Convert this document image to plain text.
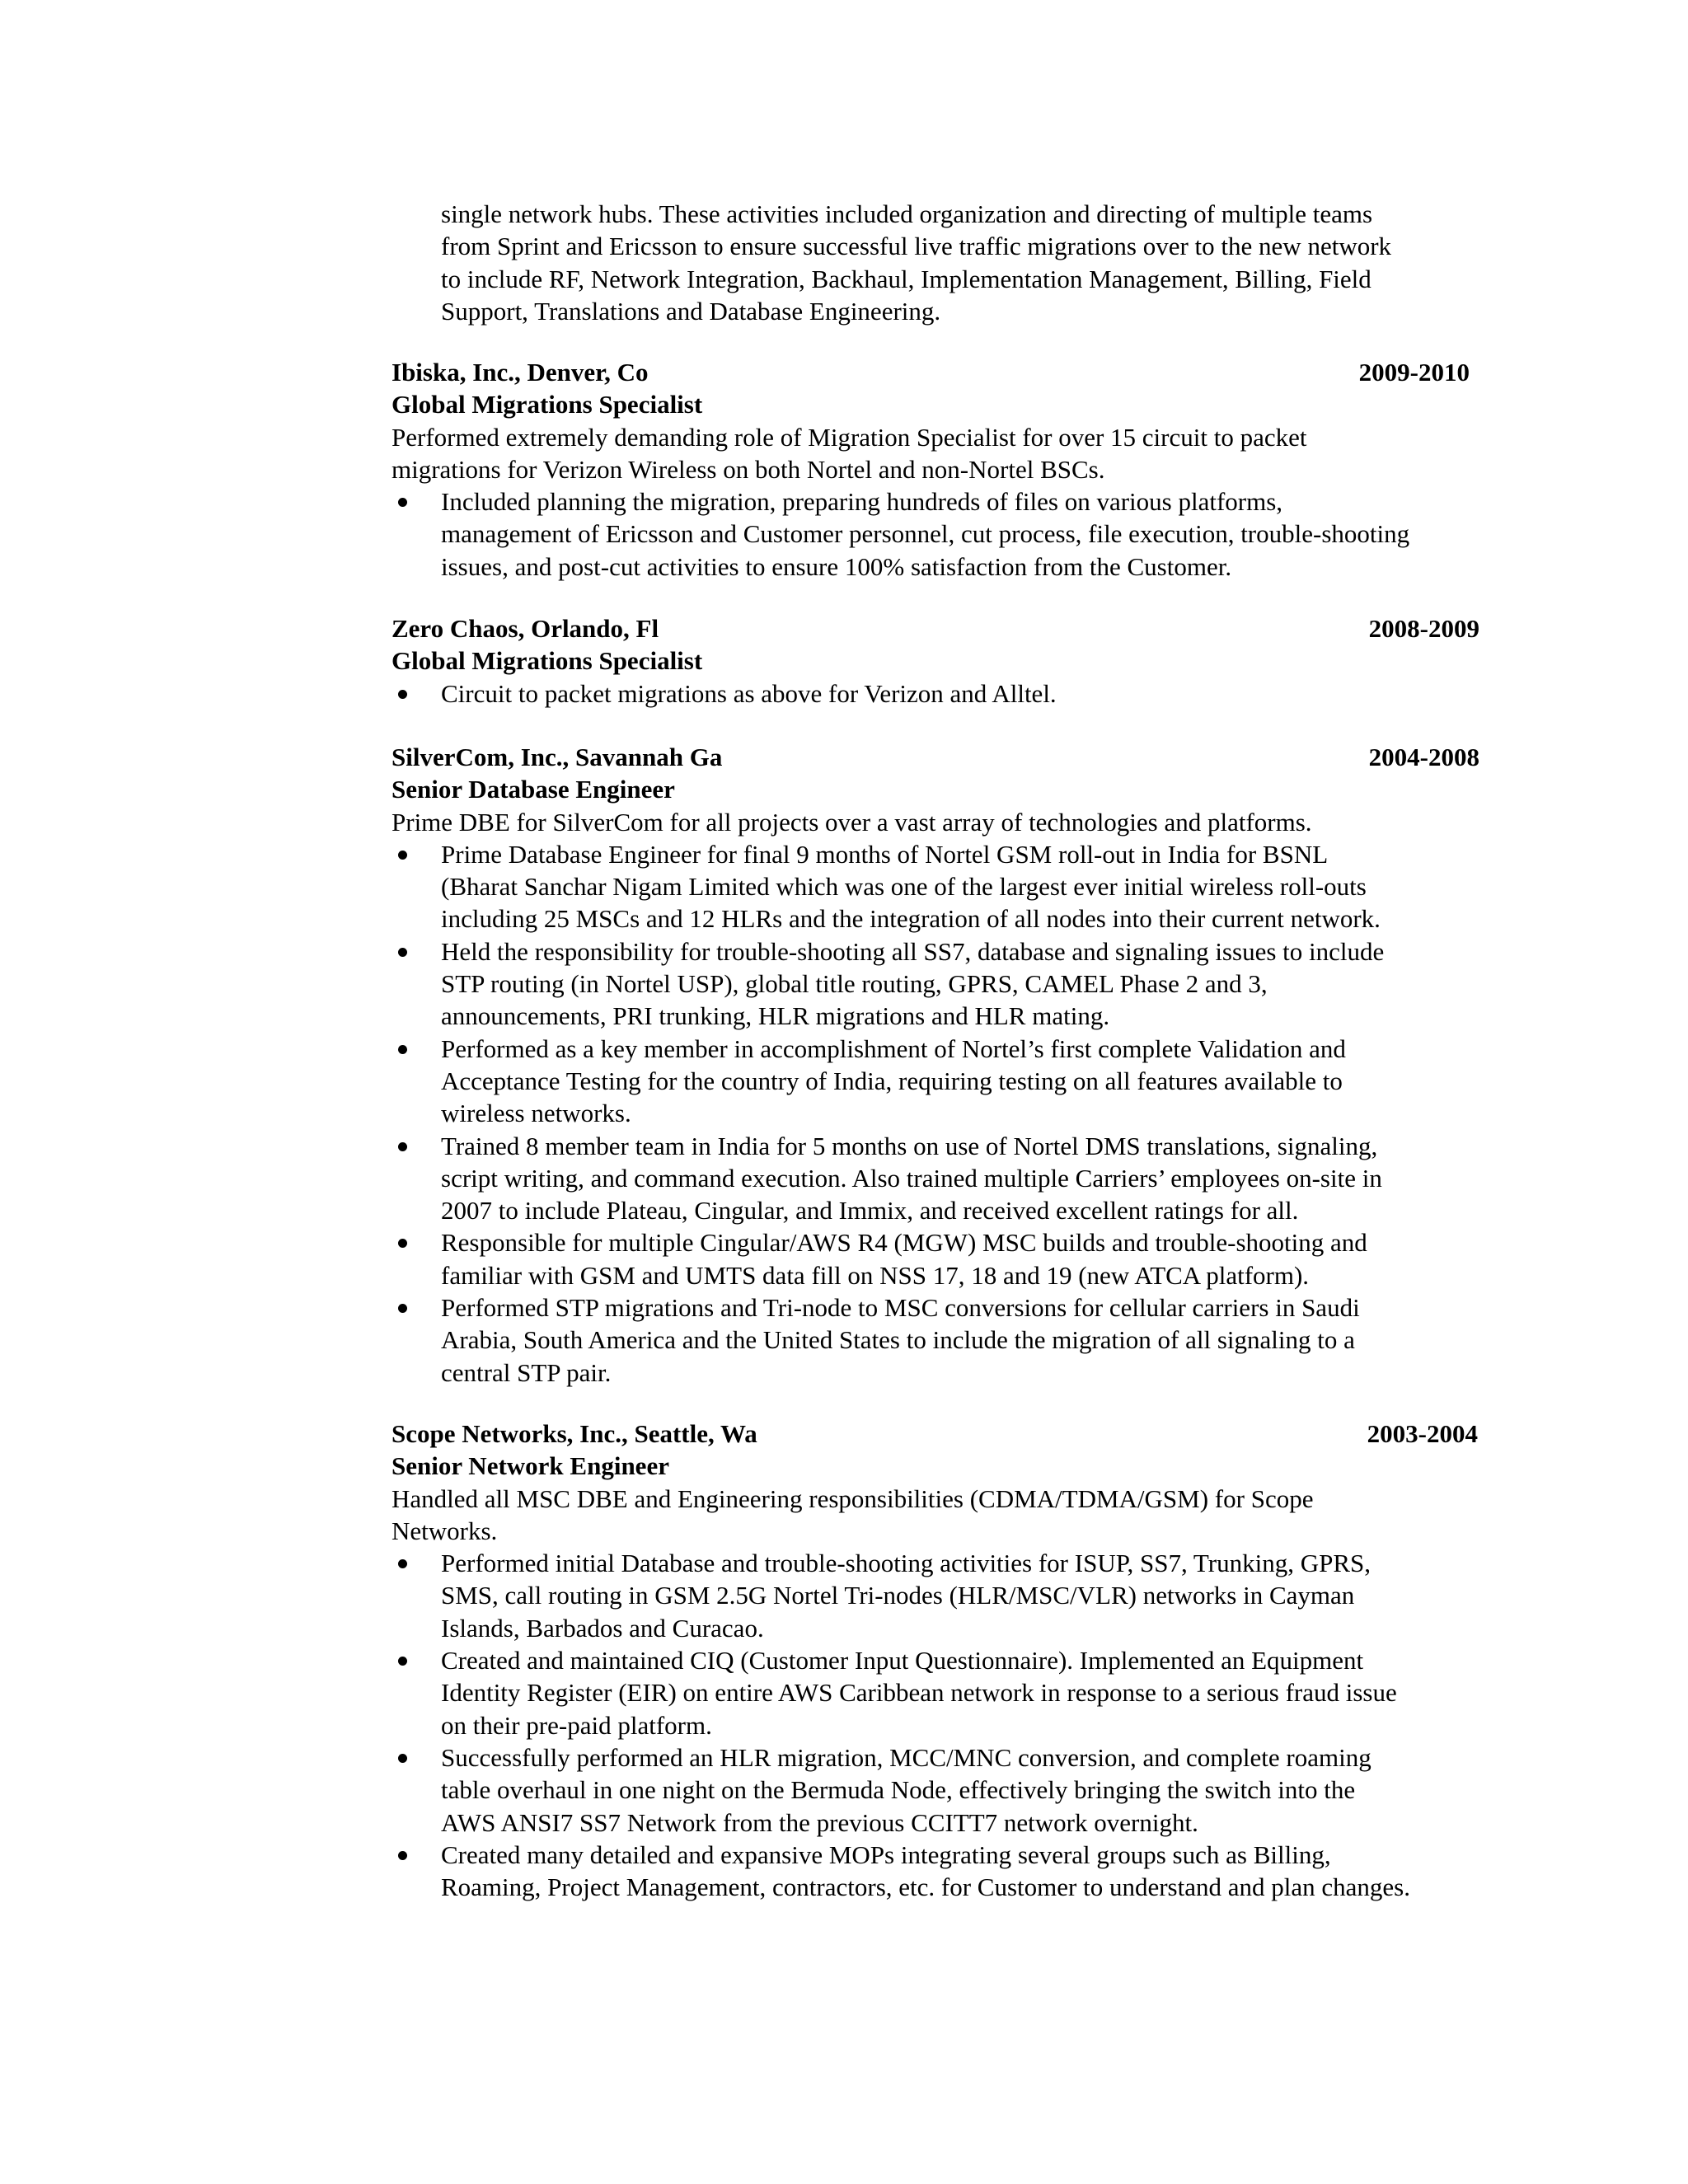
single network hubs. These activities included organization and directing of multiple teams
from Sprint and Ericsson to ensure successful live traffic migrations over to the new network
to include RF, Network Integration, Backhaul, Implementation Management, Billing, Field
Support, Translations and Database Engineering.
Ibiska, Inc., Denver, Co	2009-2010
Global Migrations Specialist
Performed extremely demanding role of Migration Specialist for over 15 circuit to packet
migrations for Verizon Wireless on both Nortel and non-Nortel BSCs.
Included planning the migration, preparing hundreds of files on various platforms,
management of Ericsson and Customer personnel, cut process, file execution, trouble-shooting
issues, and post-cut activities to ensure 100% satisfaction from the Customer.
Zero Chaos, Orlando, Fl	2008-2009
Global Migrations Specialist
Circuit to packet migrations as above for Verizon and Alltel.
SilverCom, Inc., Savannah Ga	2004-2008
Senior Database Engineer
Prime DBE for SilverCom for all projects over a vast array of technologies and platforms.
Prime Database Engineer for final 9 months of Nortel GSM roll-out in India for BSNL
(Bharat Sanchar Nigam Limited which was one of the largest ever initial wireless roll-outs
including 25 MSCs and 12 HLRs and the integration of all nodes into their current network.
Held the responsibility for trouble-shooting all SS7, database and signaling issues to include
STP routing (in Nortel USP), global title routing, GPRS, CAMEL Phase 2 and 3,
announcements, PRI trunking, HLR migrations and HLR mating.
Performed as a key member in accomplishment of Nortel’s first complete Validation and
Acceptance Testing for the country of India, requiring testing on all features available to
wireless networks.
Trained 8 member team in India for 5 months on use of Nortel DMS translations, signaling,
script writing, and command execution. Also trained multiple Carriers’ employees on-site in
2007 to include Plateau, Cingular, and Immix, and received excellent ratings for all.
Responsible for multiple Cingular/AWS R4 (MGW) MSC builds and trouble-shooting and
familiar with GSM and UMTS data fill on NSS 17, 18 and 19 (new ATCA platform).
Performed STP migrations and Tri-node to MSC conversions for cellular carriers in Saudi
Arabia, South America and the United States to include the migration of all signaling to a
central STP pair.
Scope Networks, Inc., Seattle, Wa	2003-2004
Senior Network Engineer
Handled all MSC DBE and Engineering responsibilities (CDMA/TDMA/GSM) for Scope
Networks.
Performed initial Database and trouble-shooting activities for ISUP, SS7, Trunking, GPRS,
SMS, call routing in GSM 2.5G Nortel Tri-nodes (HLR/MSC/VLR) networks in Cayman
Islands, Barbados and Curacao.
Created and maintained CIQ (Customer Input Questionnaire). Implemented an Equipment
Identity Register (EIR) on entire AWS Caribbean network in response to a serious fraud issue
on their pre-paid platform.
Successfully performed an HLR migration, MCC/MNC conversion, and complete roaming
table overhaul in one night on the Bermuda Node, effectively bringing the switch into the
AWS ANSI7 SS7 Network from the previous CCITT7 network overnight.
Created many detailed and expansive MOPs integrating several groups such as Billing,
Roaming, Project Management, contractors, etc. for Customer to understand and plan changes.
